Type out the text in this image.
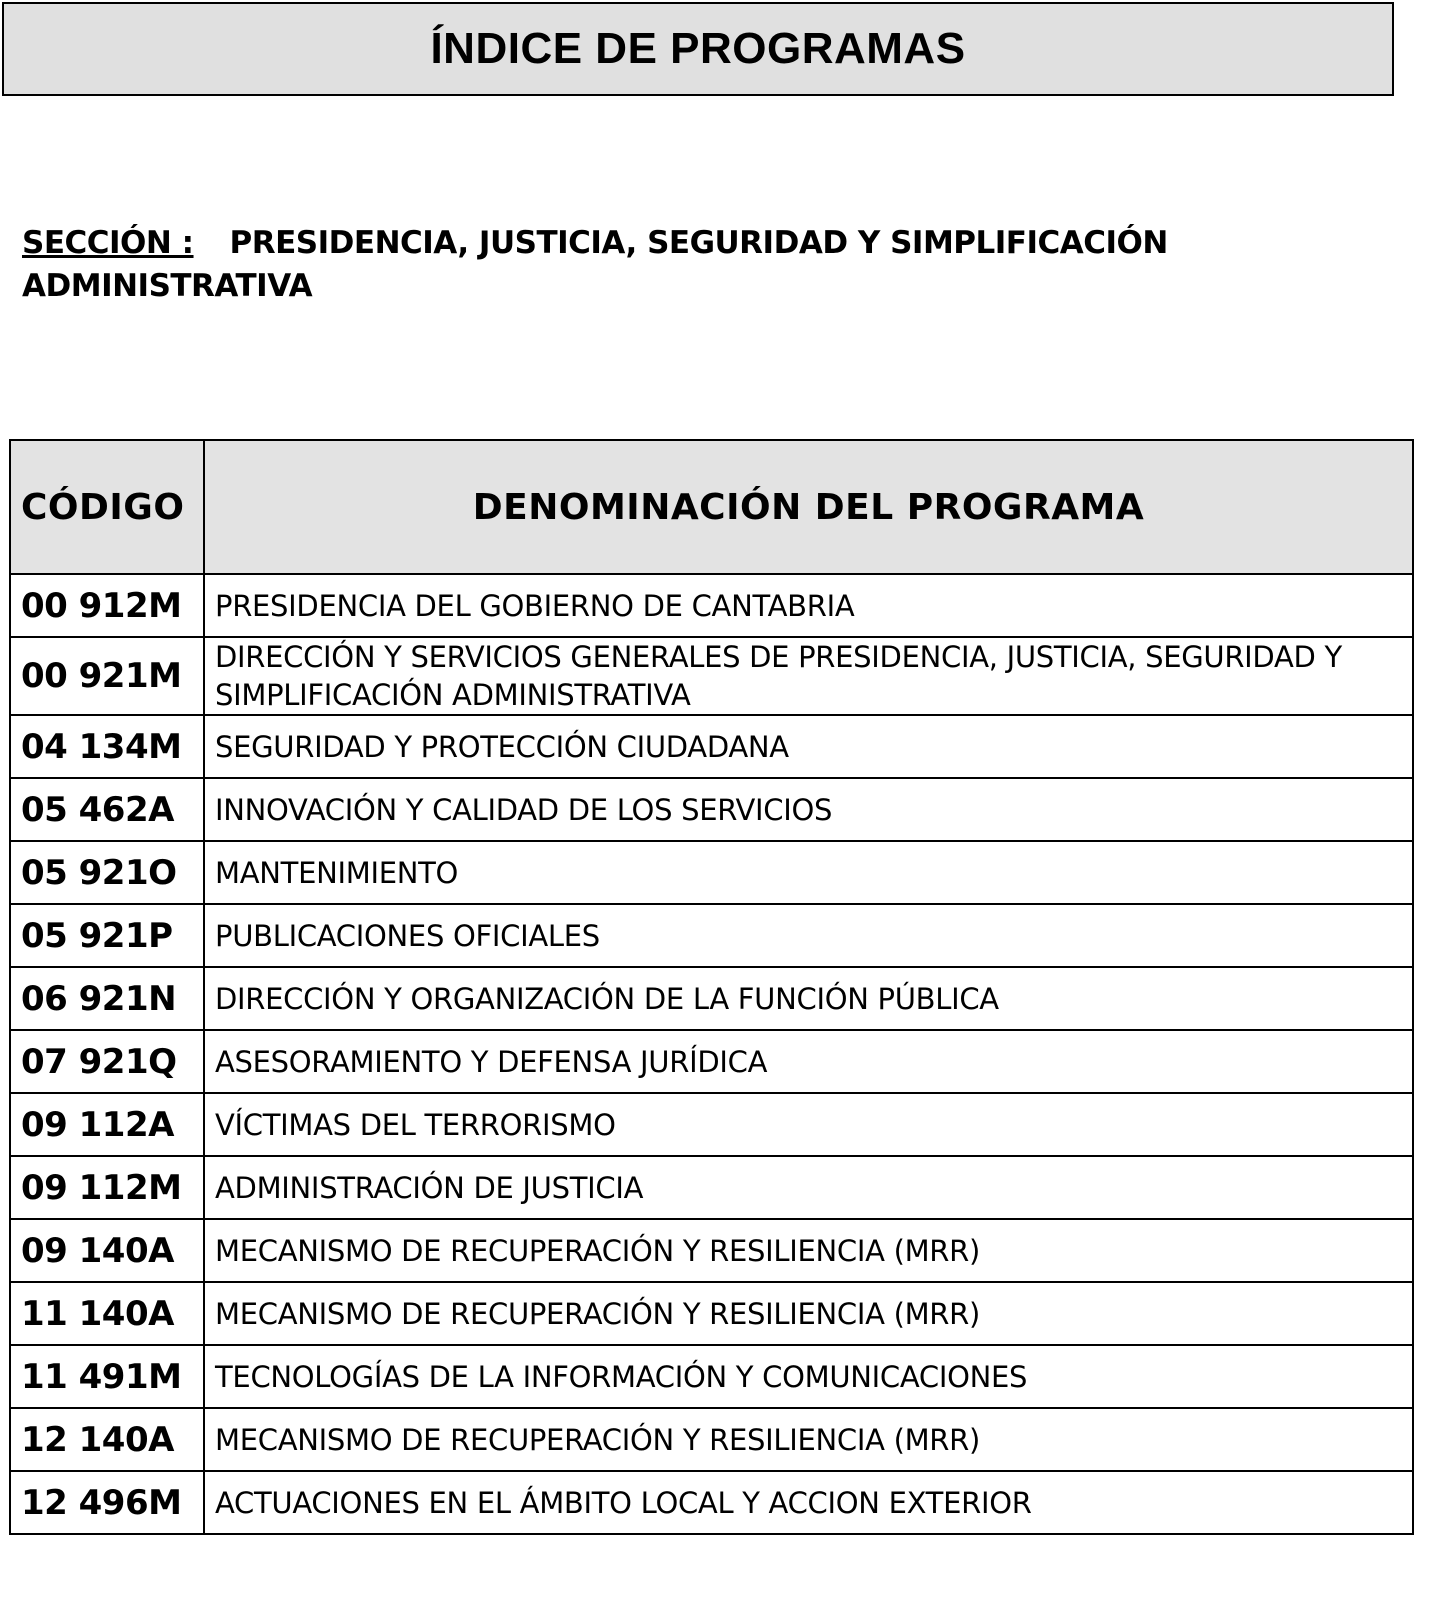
ÍNDICE DE PROGRAMAS
SECCIÓN : PRESIDENCIA, JUSTICIA, SEGURIDAD Y SIMPLIFICACIÓN ADMINISTRATIVA
CÓDIGO	DENOMINACIÓN DEL PROGRAMA
00 912M	PRESIDENCIA DEL GOBIERNO DE CANTABRIA
00 921M	DIRECCIÓN Y SERVICIOS GENERALES DE PRESIDENCIA, JUSTICIA, SEGURIDAD Y SIMPLIFICACIÓN ADMINISTRATIVA
04 134M	SEGURIDAD Y PROTECCIÓN CIUDADANA
05 462A	INNOVACIÓN Y CALIDAD DE LOS SERVICIOS
05 921O	MANTENIMIENTO
05 921P	PUBLICACIONES OFICIALES
06 921N	DIRECCIÓN Y ORGANIZACIÓN DE LA FUNCIÓN PÚBLICA
07 921Q	ASESORAMIENTO Y DEFENSA JURÍDICA
09 112A	VÍCTIMAS DEL TERRORISMO
09 112M	ADMINISTRACIÓN DE JUSTICIA
09 140A	MECANISMO DE RECUPERACIÓN Y RESILIENCIA (MRR)
11 140A	MECANISMO DE RECUPERACIÓN Y RESILIENCIA (MRR)
11 491M	TECNOLOGÍAS DE LA INFORMACIÓN Y COMUNICACIONES
12 140A	MECANISMO DE RECUPERACIÓN Y RESILIENCIA (MRR)
12 496M	ACTUACIONES EN EL ÁMBITO LOCAL Y ACCION EXTERIOR
